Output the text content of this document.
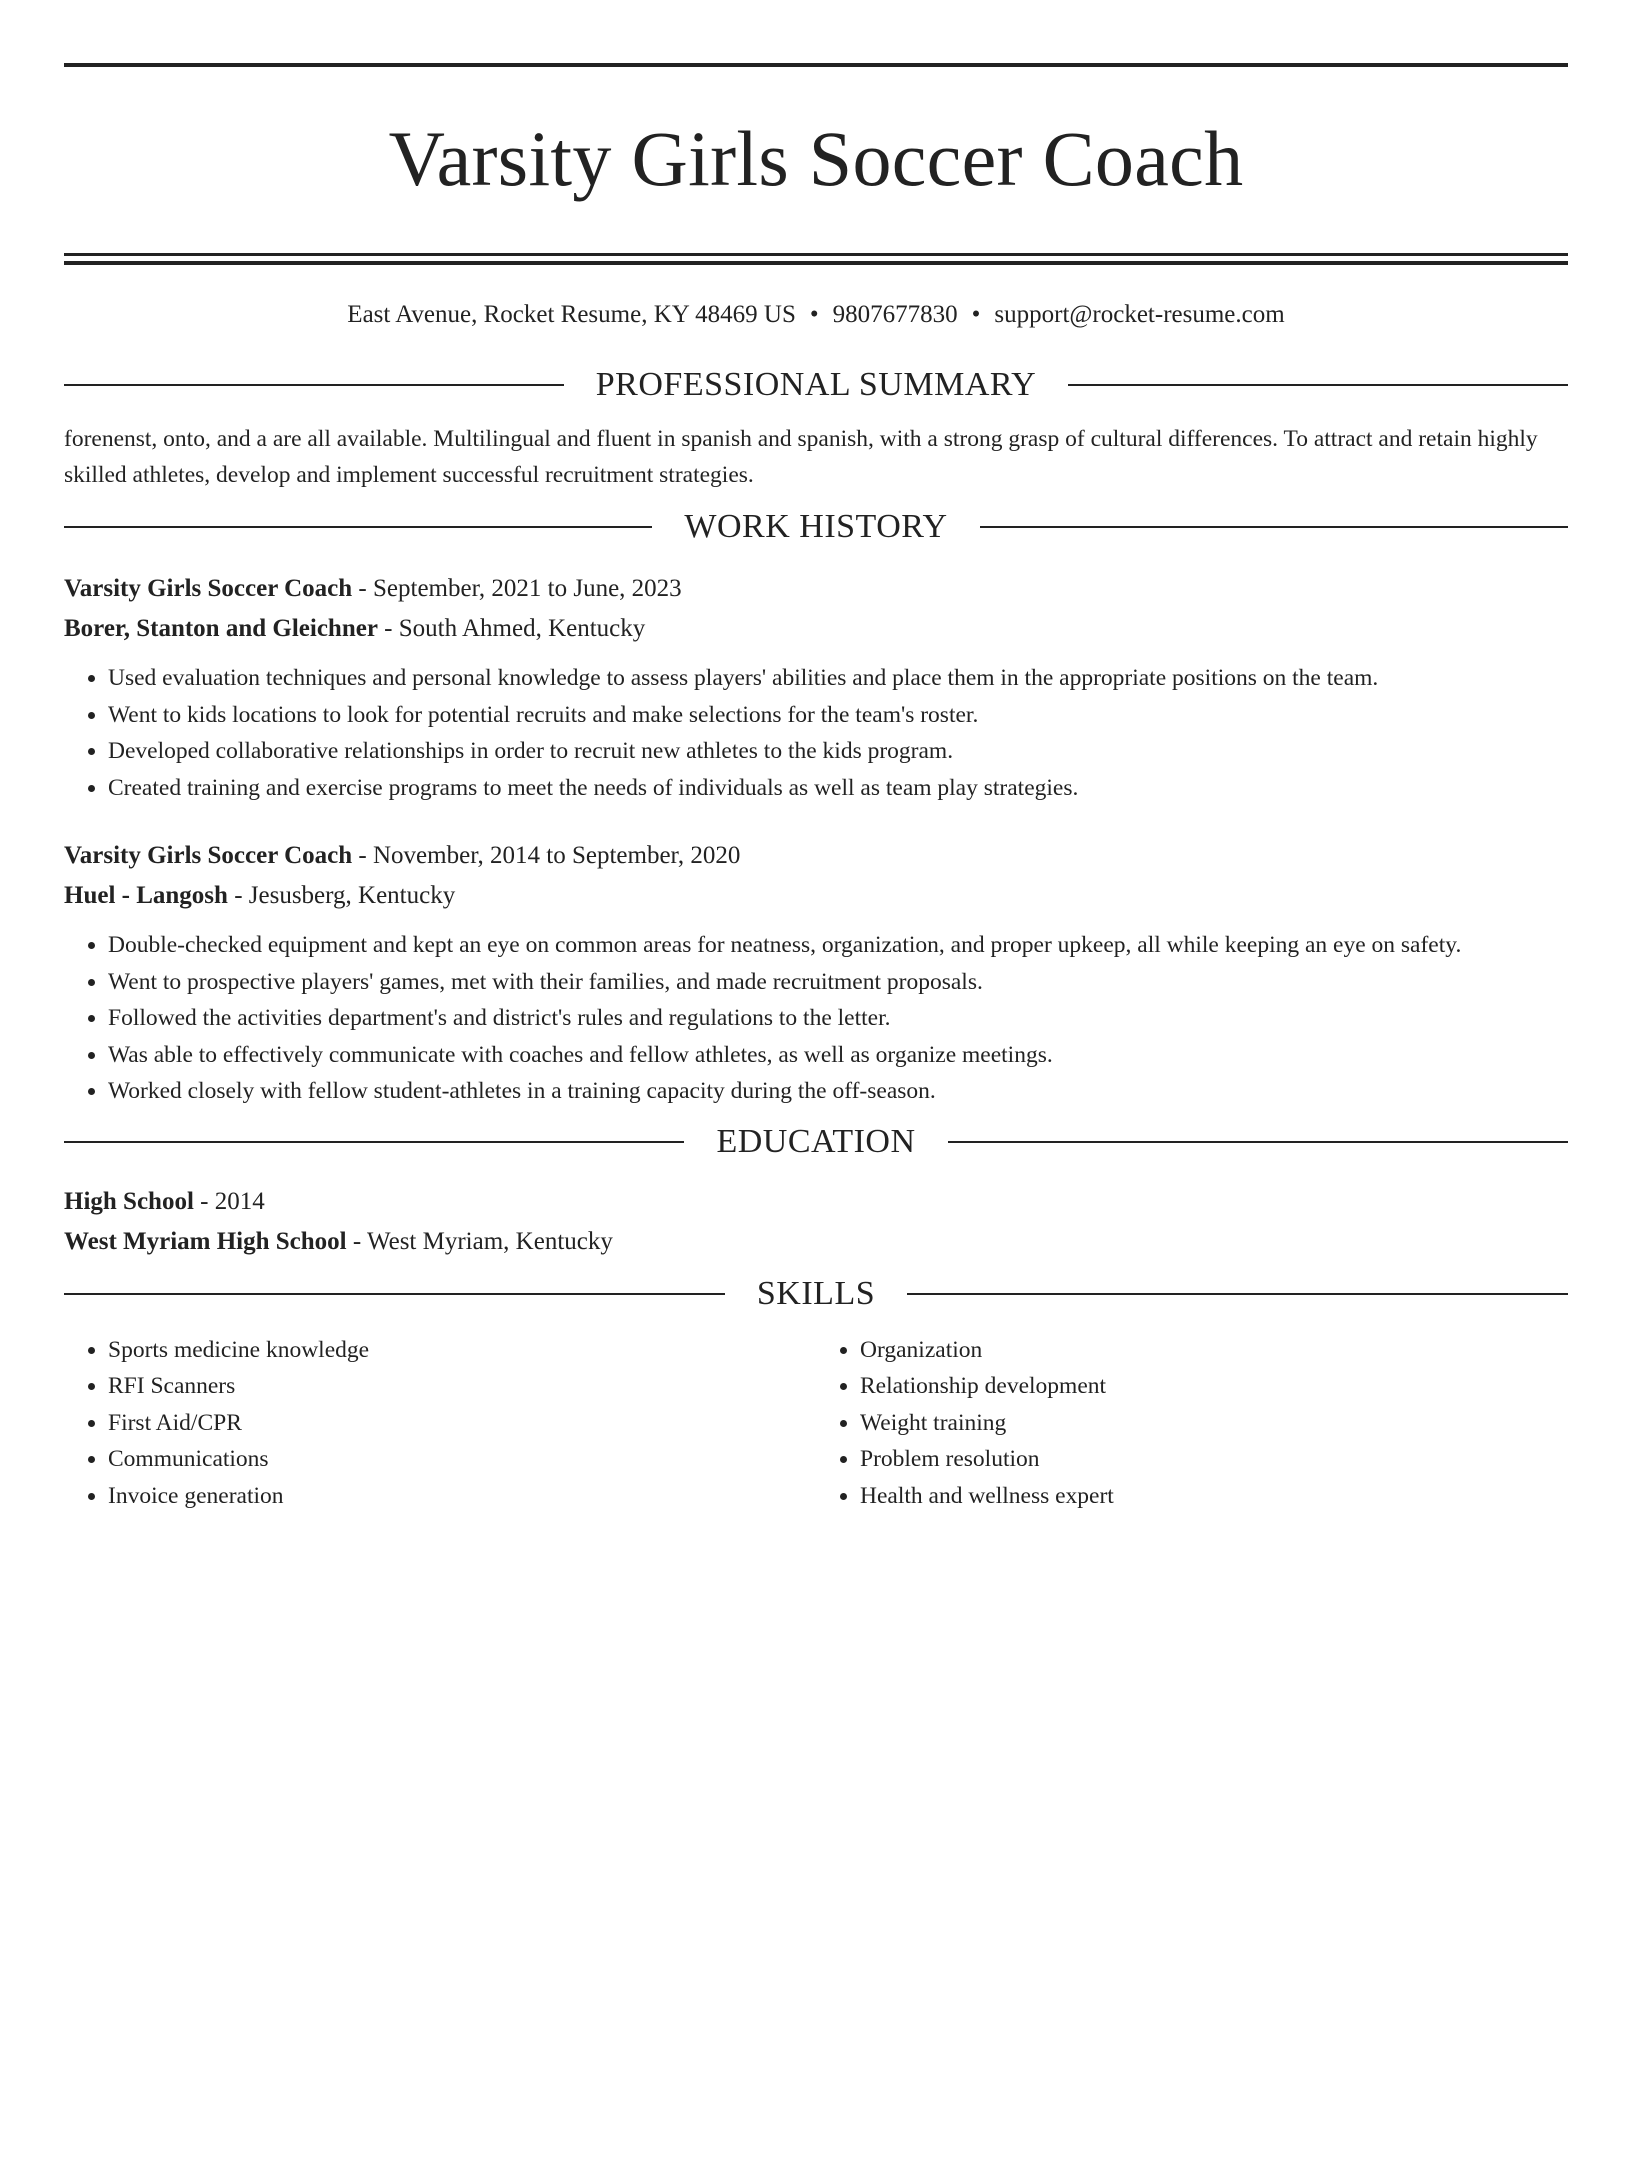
Varsity Girls Soccer Coach
East Avenue, Rocket Resume, KY 48469 US • 9807677830 • support@rocket-resume.com
PROFESSIONAL SUMMARY

forenenst, onto, and a are all available. Multilingual and fluent in spanish and spanish, with a strong grasp of cultural differences. To attract and retain highly skilled athletes, develop and implement successful recruitment strategies.

WORK HISTORY
Varsity Girls Soccer Coach - September, 2021 to June, 2023
Borer, Stanton and Gleichner - South Ahmed, Kentucky
• Used evaluation techniques and personal knowledge to assess players' abilities and place them in the appropriate positions on the team.
• Went to kids locations to look for potential recruits and make selections for the team's roster.
• Developed collaborative relationships in order to recruit new athletes to the kids program.
• Created training and exercise programs to meet the needs of individuals as well as team play strategies.
Varsity Girls Soccer Coach - November, 2014 to September, 2020
Huel - Langosh - Jesusberg, Kentucky
• Double-checked equipment and kept an eye on common areas for neatness, organization, and proper upkeep, all while keeping an eye on safety.
• Went to prospective players' games, met with their families, and made recruitment proposals.
• Followed the activities department's and district's rules and regulations to the letter.
• Was able to effectively communicate with coaches and fellow athletes, as well as organize meetings.
• Worked closely with fellow student-athletes in a training capacity during the off-season.
EDUCATION
High School - 2014
West Myriam High School - West Myriam, Kentucky
SKILLS
• Sports medicine knowledge
• RFI Scanners
• First Aid/CPR
• Communications
• Invoice generation
• Organization
• Relationship development
• Weight training
• Problem resolution
• Health and wellness expert
